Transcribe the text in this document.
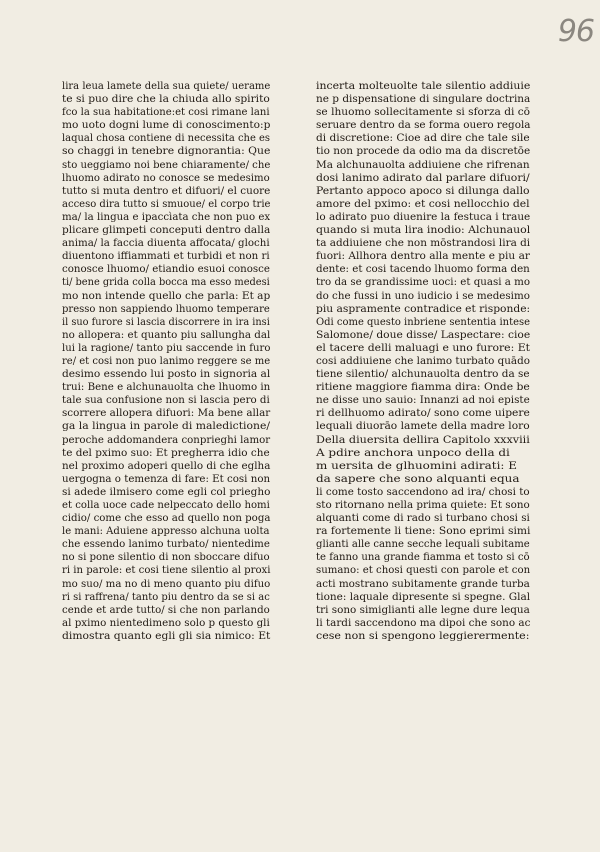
96
lira leua lamete della sua quiete/ uerame
te si puo dire che la chiuda allo spirito
fco la sua habitatione:et cosi rimane lani
mo uoto dogni lume di conoscimento:p
laqual chosa contiene di necessita che es
so chaggi in tenebre dignorantia: Que
sto ueggiamo noi bene chiaramente/ che
lhuomo adirato no conosce se medesimo
tutto si muta dentro et difuori/ el cuore
acceso dira tutto si smuoue/ el corpo trie
ma/ la lingua e ipaccìata che non puo ex
plicare glimpeti conceputi dentro dalla
anima/ la faccia diuenta affocata/ glochi
diuentono iffiammati et turbidi et non ri
conosce lhuomo/ etiandio esuoi conosce
ti/ bene grida colla bocca ma esso medesi
mo non intende quello che parla: Et ap
presso non sappiendo lhuomo temperare
il suo furore si lascia discorrere in ira insi
no allopera: et quanto piu sallungha dal
lui la ragione/ tanto piu saccende in furo
re/ et cosi non puo lanimo reggere se me
desimo essendo lui posto in signoria al
trui: Bene e alchunauolta che lhuomo in
tale sua confusione non si lascia pero di
scorrere allopera difuori: Ma bene allar
ga la lingua in parole di maledictione/
peroche addomandera conprieghi lamor
te del pximo suo: Et pregherra idio che
nel proximo adoperi quello di che eglha
uergogna o temenza di fare: Et cosi non
si adede ilmisero come egli col priegho
et colla uoce cade nelpeccato dello homi
cidio/ come che esso ad quello non poga
le mani: Aduiene appresso alchuna uolta
che essendo lanimo turbato/ nientedime
no si pone silentio di non sboccare difuo
ri in parole: et cosi tiene silentio al proxi
mo suo/ ma no di meno quanto piu difuo
ri si raffrena/ tanto piu dentro da se si ac
cende et arde tutto/ si che non parlando
al pximo nientedimeno solo p questo gli
dimostra quanto egli gli sia nimico: Et
incerta molteuolte tale silentio addiuie
ne p dispensatione di singulare doctrina
se lhuomo sollecitamente si sforza di cō
seruare dentro da se forma ouero regola
di discretione: Cioe ad dire che tale sile
tio non procede da odio ma da discretōe
Ma alchunauolta addiuiene che rifrenan
dosi lanimo adirato dal parlare difuori/
Pertanto appoco apoco si dilunga dallo
amore del pximo: et cosi nellocchio del
lo adirato puo diuenire la festuca i traue
quando si muta lira inodio: Alchunauol
ta addiuiene che non mōstrandosi lira di
fuori: Allhora dentro alla mente e piu ar
dente: et cosi tacendo lhuomo forma den
tro da se grandissime uoci: et quasi a mo
do che fussi in uno iudicio i se medesimo
piu aspramente contradice et risponde:
Odi come questo inbriene sententia intese
Salomone/ doue disse/ Laspectare: cioe
el tacere delli maluagi e uno furore: Et
cosi addiuiene che lanimo turbato quādo
tiene silentio/ alchunauolta dentro da se
ritiene maggiore fiamma dira: Onde be
ne disse uno sauio: Innanzi ad noi episte
ri dellhuomo adirato/ sono come uipere
lequali diuorāo lamete della madre loro
Della diuersita dellira Capitolo xxxviii
A pdire anchora unpoco della di
m uersita de glhuomini adirati: E
da sapere che sono alquanti equa
li come tosto saccendono ad ira/ chosi to
sto ritornano nella prima quiete: Et sono
alquanti come di rado si turbano chosi si
ra fortemente li tiene: Sono eprimi simi
glianti alle canne secche lequali subitame
te fanno una grande fiamma et tosto si cō
sumano: et chosi questi con parole et con
acti mostrano subitamente grande turba
tione: laquale dipresente si spegne. Glal
tri sono simiglianti alle legne dure lequa
li tardi saccendono ma dipoi che sono ac
cese non si spengono leggierermente:
